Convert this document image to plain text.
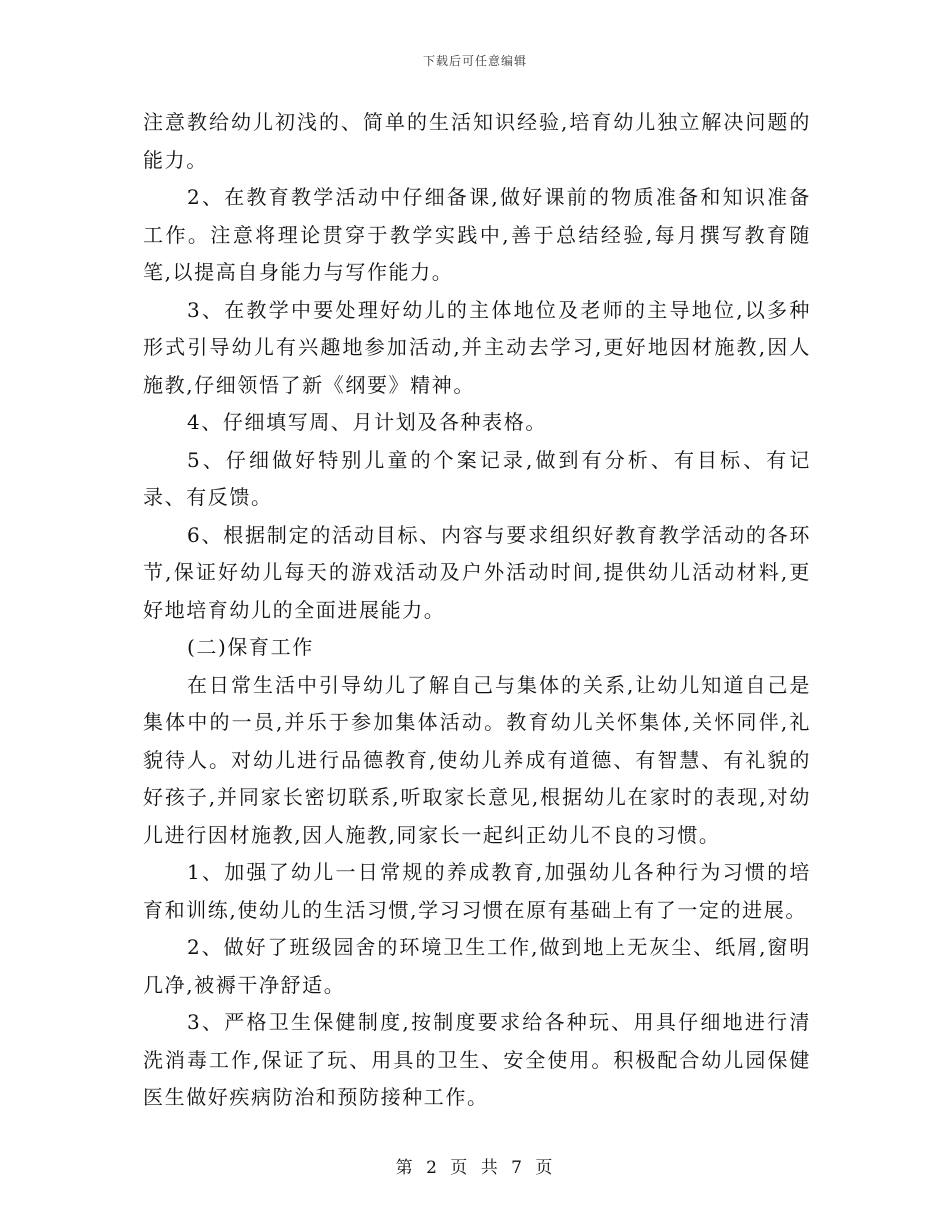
下载后可任意编辑

注意教给幼儿初浅的、简单的生活知识经验,培育幼儿独立解决问题的能力。

2、在教育教学活动中仔细备课,做好课前的物质准备和知识准备工作。注意将理论贯穿于教学实践中,善于总结经验,每月撰写教育随笔,以提高自身能力与写作能力。

3、在教学中要处理好幼儿的主体地位及老师的主导地位,以多种形式引导幼儿有兴趣地参加活动,并主动去学习,更好地因材施教,因人施教,仔细领悟了新《纲要》精神。

4、仔细填写周、月计划及各种表格。

5、仔细做好特别儿童的个案记录,做到有分析、有目标、有记录、有反馈。

6、根据制定的活动目标、内容与要求组织好教育教学活动的各环节,保证好幼儿每天的游戏活动及户外活动时间,提供幼儿活动材料,更好地培育幼儿的全面进展能力。

(二)保育工作

在日常生活中引导幼儿了解自己与集体的关系,让幼儿知道自己是集体中的一员,并乐于参加集体活动。教育幼儿关怀集体,关怀同伴,礼貌待人。对幼儿进行品德教育,使幼儿养成有道德、有智慧、有礼貌的好孩子,并同家长密切联系,听取家长意见,根据幼儿在家时的表现,对幼儿进行因材施教,因人施教,同家长一起纠正幼儿不良的习惯。

1、加强了幼儿一日常规的养成教育,加强幼儿各种行为习惯的培育和训练,使幼儿的生活习惯,学习习惯在原有基础上有了一定的进展。

2、做好了班级园舍的环境卫生工作,做到地上无灰尘、纸屑,窗明几净,被褥干净舒适。

3、严格卫生保健制度,按制度要求给各种玩、用具仔细地进行清洗消毒工作,保证了玩、用具的卫生、安全使用。积极配合幼儿园保健医生做好疾病防治和预防接种工作。

第 2 页 共 7 页
